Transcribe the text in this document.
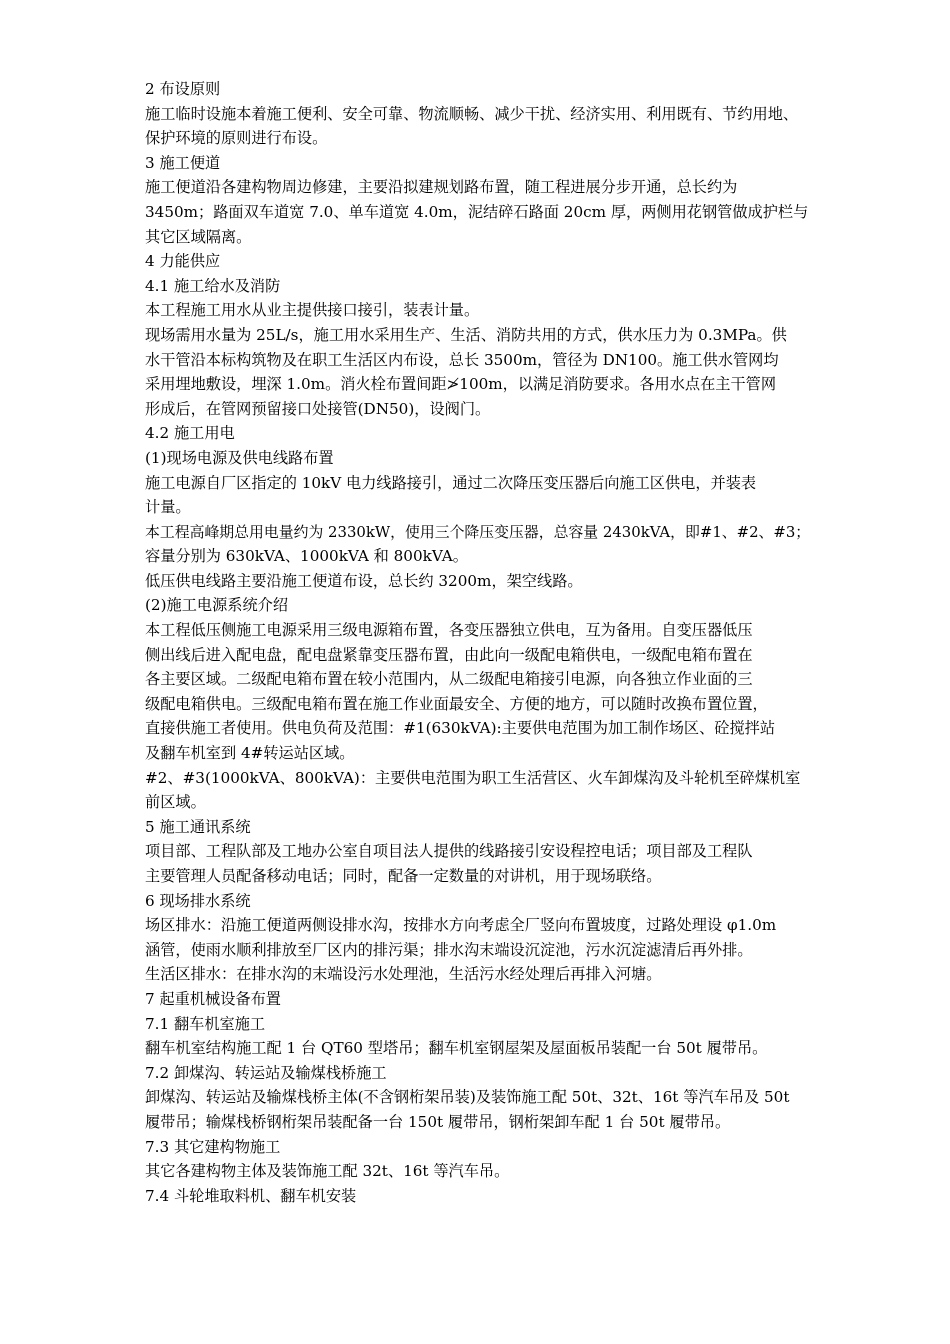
2 布设原则
施工临时设施本着施工便利、安全可靠、物流顺畅、减少干扰、经济实用、利用既有、节约用地、
保护环境的原则进行布设。
3 施工便道
施工便道沿各建构物周边修建，主要沿拟建规划路布置，随工程进展分步开通，总长约为
3450m；路面双车道宽 7.0、单车道宽 4.0m，泥结碎石路面 20cm 厚，两侧用花钢管做成护栏与
其它区域隔离。
4 力能供应
4.1 施工给水及消防
本工程施工用水从业主提供接口接引，装表计量。
现场需用水量为 25L/s，施工用水采用生产、生活、消防共用的方式，供水压力为 0.3MPa。供
水干管沿本标构筑物及在职工生活区内布设，总长 3500m，管径为 DN100。施工供水管网均
采用埋地敷设，埋深 1.0m。消火栓布置间距≯100m，以满足消防要求。各用水点在主干管网
形成后，在管网预留接口处接管(DN50)，设阀门。
4.2 施工用电
(1)现场电源及供电线路布置
施工电源自厂区指定的 10kV 电力线路接引，通过二次降压变压器后向施工区供电，并装表
计量。
本工程高峰期总用电量约为 2330kW，使用三个降压变压器，总容量 2430kVA，即#1、#2、#3；
容量分别为 630kVA、1000kVA 和 800kVA。
低压供电线路主要沿施工便道布设，总长约 3200m，架空线路。
(2)施工电源系统介绍
本工程低压侧施工电源采用三级电源箱布置，各变压器独立供电，互为备用。自变压器低压
侧出线后进入配电盘，配电盘紧靠变压器布置，由此向一级配电箱供电，一级配电箱布置在
各主要区域。二级配电箱布置在较小范围内，从二级配电箱接引电源，向各独立作业面的三
级配电箱供电。三级配电箱布置在施工作业面最安全、方便的地方，可以随时改换布置位置，
直接供施工者使用。供电负荷及范围：#1(630kVA):主要供电范围为加工制作场区、砼搅拌站
及翻车机室到 4#转运站区域。
#2、#3(1000kVA、800kVA)：主要供电范围为职工生活营区、火车卸煤沟及斗轮机至碎煤机室
前区域。
5 施工通讯系统
项目部、工程队部及工地办公室自项目法人提供的线路接引安设程控电话；项目部及工程队
主要管理人员配备移动电话；同时，配备一定数量的对讲机，用于现场联络。
6 现场排水系统
场区排水：沿施工便道两侧设排水沟，按排水方向考虑全厂竖向布置坡度，过路处理设 φ1.0m
涵管，使雨水顺利排放至厂区内的排污渠；排水沟末端设沉淀池，污水沉淀滤清后再外排。
生活区排水：在排水沟的末端设污水处理池，生活污水经处理后再排入河塘。
7 起重机械设备布置
7.1 翻车机室施工
翻车机室结构施工配 1 台 QT60 型塔吊；翻车机室钢屋架及屋面板吊装配一台 50t 履带吊。
7.2 卸煤沟、转运站及输煤栈桥施工
卸煤沟、转运站及输煤栈桥主体(不含钢桁架吊装)及装饰施工配 50t、32t、16t 等汽车吊及 50t
履带吊；输煤栈桥钢桁架吊装配备一台 150t 履带吊，钢桁架卸车配 1 台 50t 履带吊。
7.3 其它建构物施工
其它各建构物主体及装饰施工配 32t、16t 等汽车吊。
7.4 斗轮堆取料机、翻车机安装
